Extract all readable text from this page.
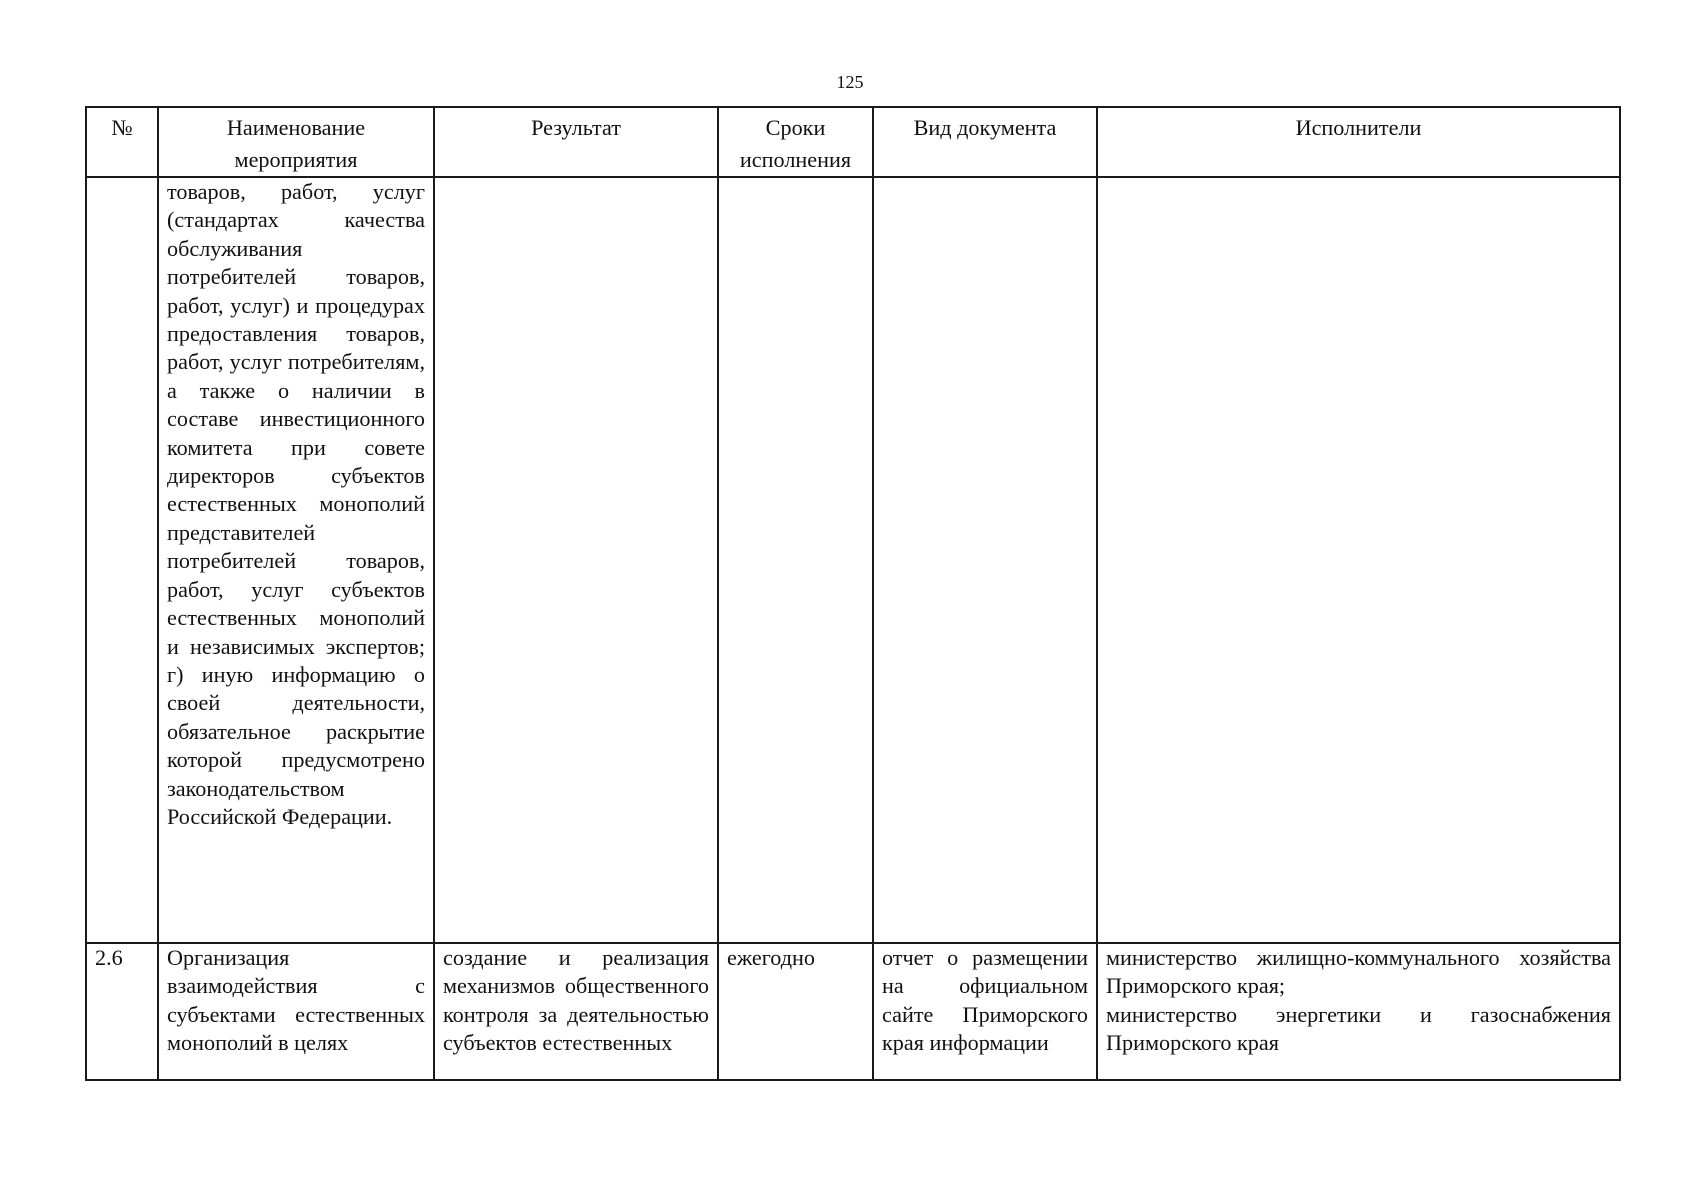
125
№	Наименование мероприятия	Результат	Сроки исполнения	Вид документа	Исполнители
	товаров, работ, услуг (стандартах качества обслуживания потребителей товаров, работ, услуг) и процедурах предоставления товаров, работ, услуг потребителям, а также о наличии в составе инвестиционного комитета при совете директоров субъектов естественных монополий представителей потребителей товаров, работ, услуг субъектов естественных монополий и независимых экспертов; г) иную информацию о своей деятельности, обязательное раскрытие которой предусмотрено законодательством Российской Федерации.				
2.6	Организация взаимодействия с субъектами естественных монополий в целях	создание и реализация механизмов общественного контроля за деятельностью субъектов естественных	ежегодно	отчет о размещении на официальном сайте Приморского края информации	министерство жилищно-коммунального хозяйства Приморского края;
министерство энергетики и газоснабжения Приморского края
